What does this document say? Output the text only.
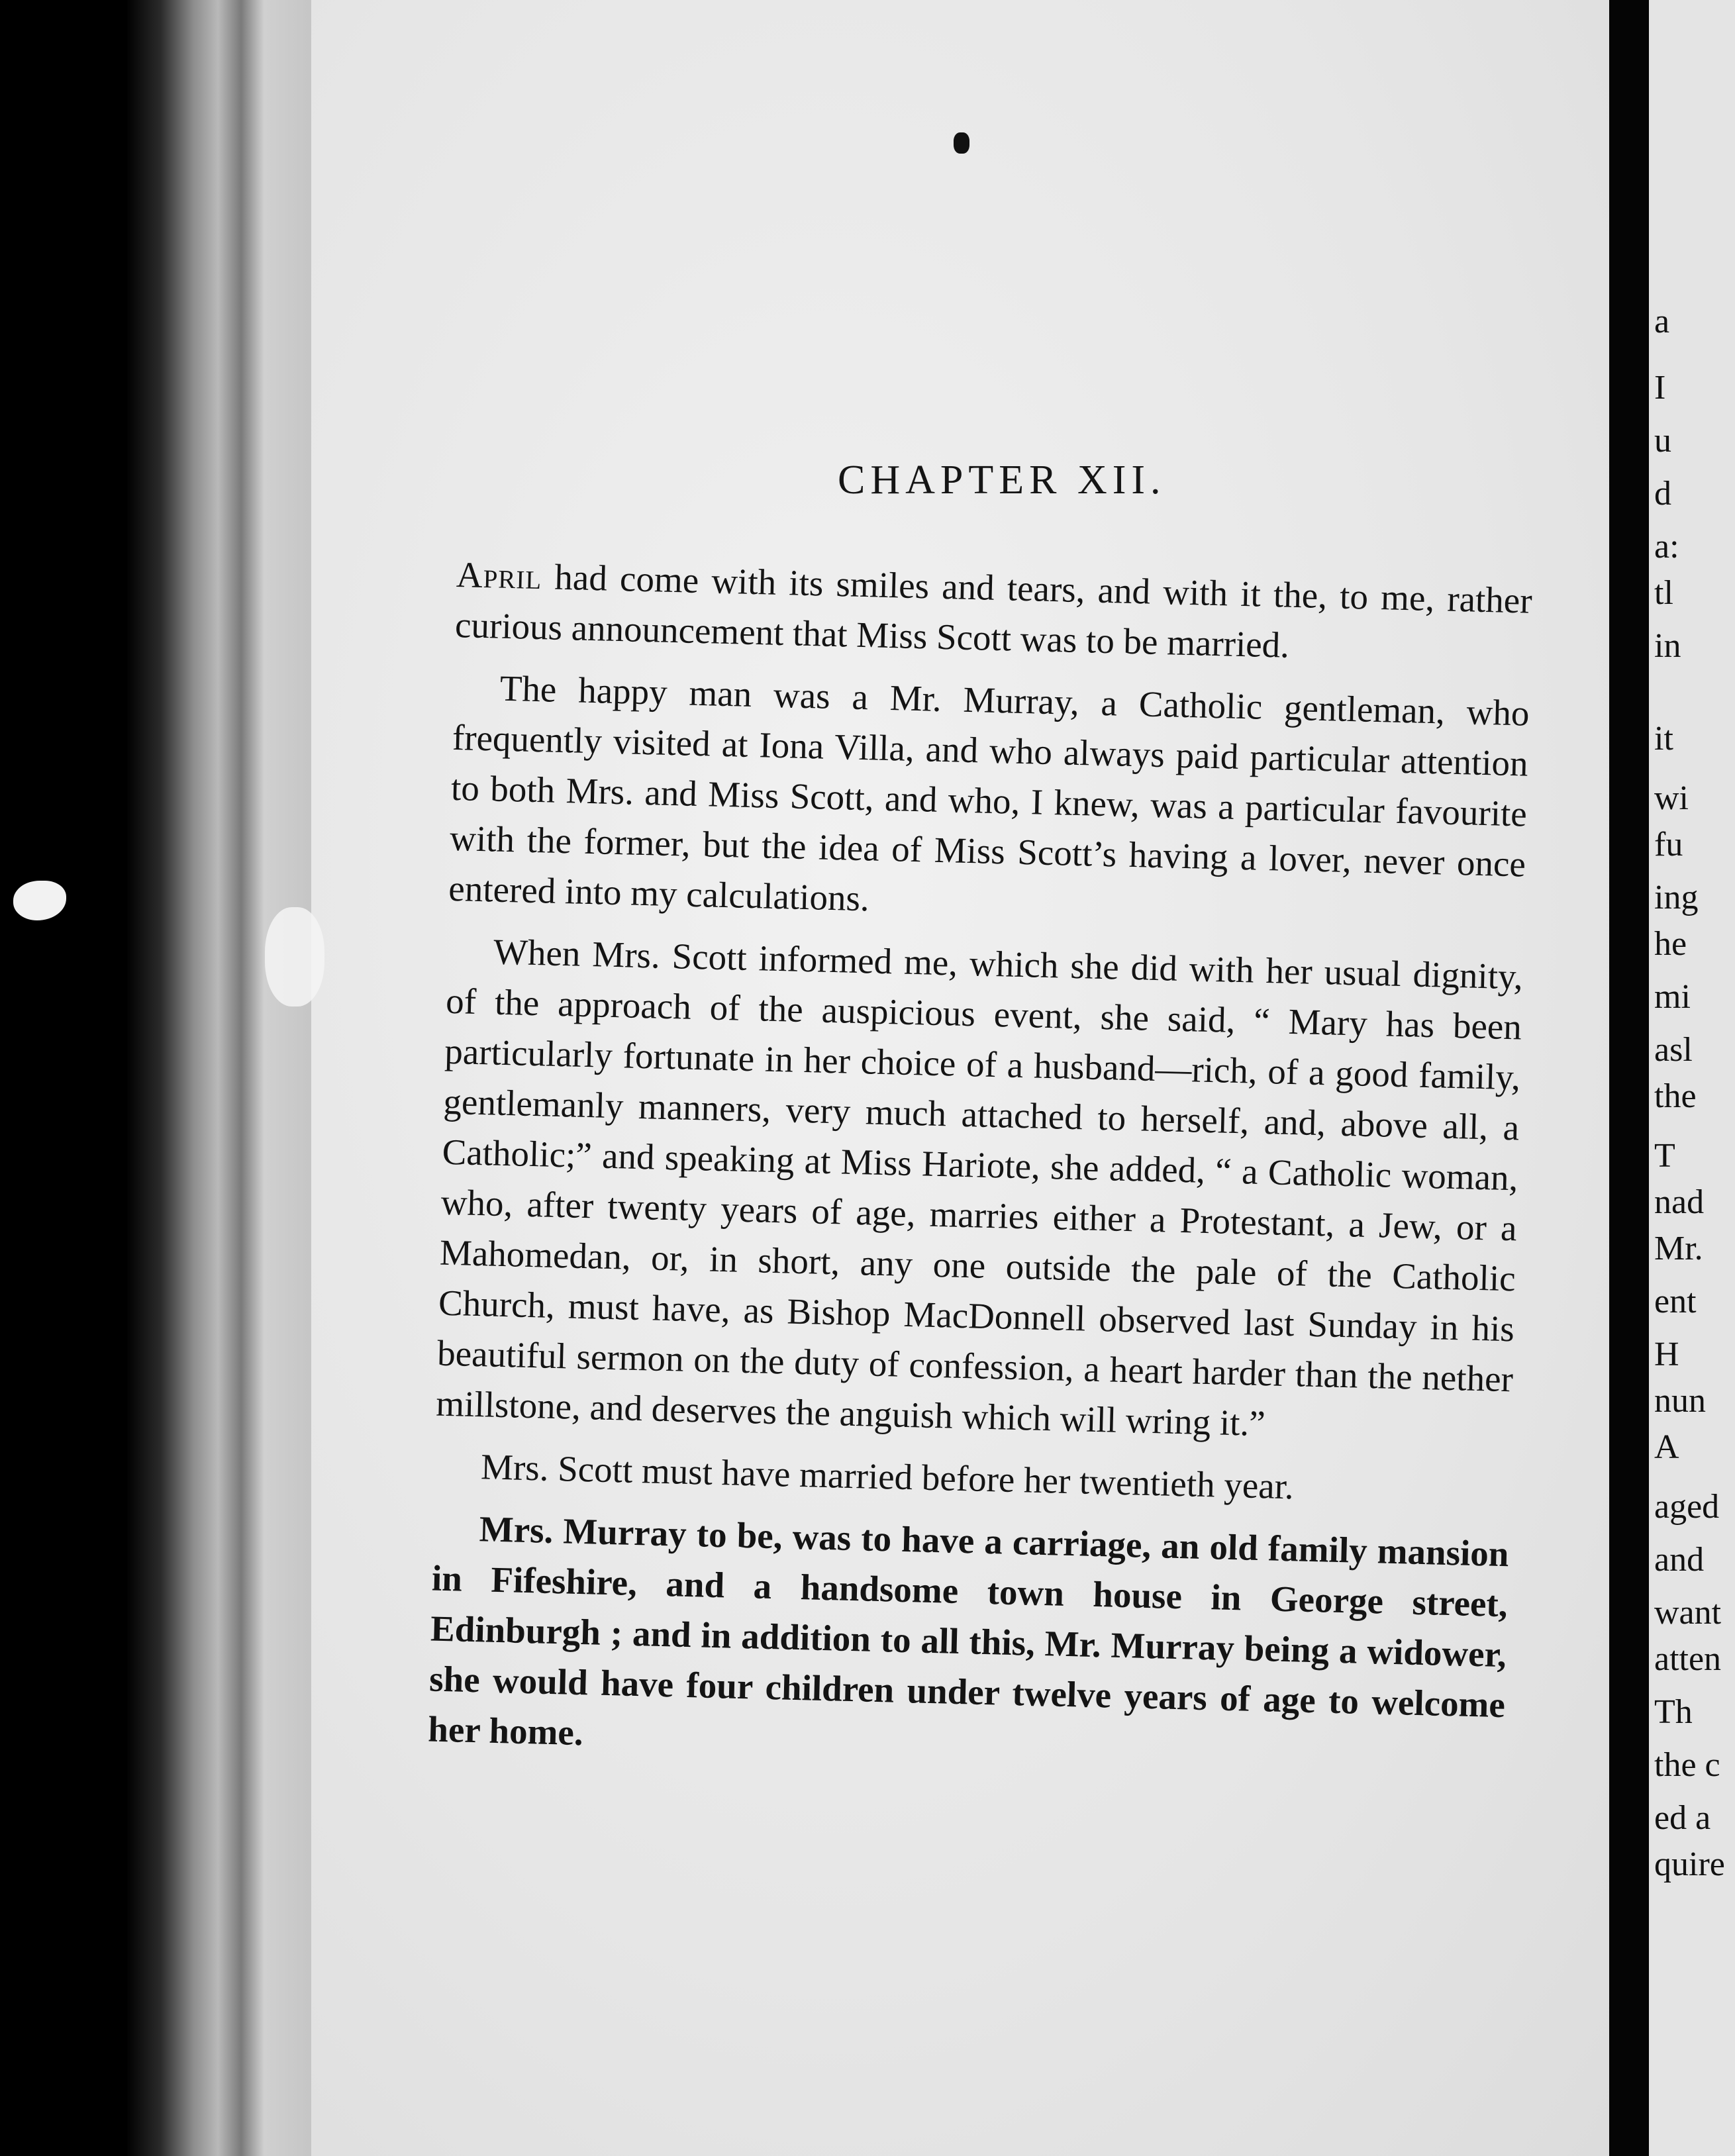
CHAPTER XII.

April had come with its smiles and tears, and with it the, to me, rather curious announcement that Miss Scott was to be married.

The happy man was a Mr. Murray, a Catholic gentleman, who frequently visited at Iona Villa, and who always paid particular attention to both Mrs. and Miss Scott, and who, I knew, was a particular favourite with the former, but the idea of Miss Scott’s having a lover, never once entered into my calculations.

When Mrs. Scott informed me, which she did with her usual dignity, of the approach of the auspicious event, she said, “ Mary has been particularly fortunate in her choice of a husband—rich, of a good family, gentlemanly manners, very much attached to herself, and, above all, a Catholic;” and speaking at Miss Hariote, she added, “ a Catholic woman, who, after twenty years of age, marries either a Protestant, a Jew, or a Mahomedan, or, in short, any one outside the pale of the Catholic Church, must have, as Bishop MacDonnell observed last Sunday in his beautiful sermon on the duty of confession, a heart harder than the nether millstone, and deserves the anguish which will wring it.”

Mrs. Scott must have married before her twentieth year.

Mrs. Murray to be, was to have a carriage, an old family mansion in Fifeshire, and a handsome town house in George street, Edinburgh ; and in addition to all this, Mr. Murray being a widower, she would have four children under twelve years of age to welcome her home.

a
I
u
d
a:
tl
in
it
wi
fu
ing
he
mi
asl
the
T
nad
Mr.
ent
H
nun
A
aged
and
want
atten
Th
the c
ed a
quire
